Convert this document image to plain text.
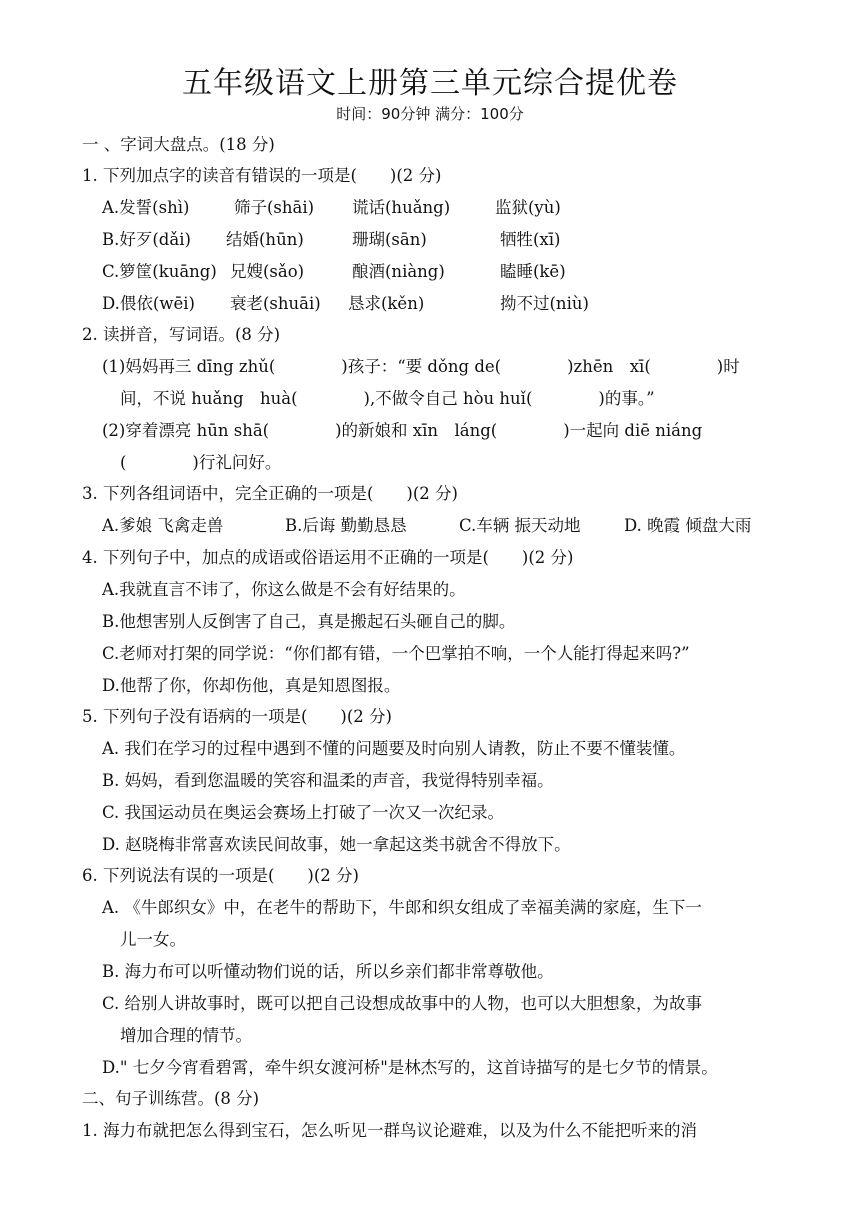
五年级语文上册第三单元综合提优卷
时间：90分钟 满分：100分
一 、字词大盘点。(18 分)
1. 下列加点字的读音有错误的一项是(　　)(2 分)
A.发誓(shì)	筛子(shāi) 谎话(huǎng)	监狱(yù)
B.好歹(dǎi) 结婚(hūn)	珊瑚(sān)	牺牲(xī)
C.箩筐(kuāng) 兄嫂(sǎo)	酿酒(niàng)	瞌睡(kē)
D.偎依(wēi) 衰老(shuāi) 恳求(kěn)	拗不过(niù)
2. 读拼音，写词语。(8 分)
(1)妈妈再三 dīng zhǔ(　　　　)孩子：“要 dǒng de(　　　　)zhēn　xī(　　　　)时
间，不说 huǎng　huà(　　　　),不做令自己 hòu huǐ(　　　　)的事。”
(2)穿着漂亮 hūn shā(　　　　)的新娘和 xīn　láng(　　　　)一起向 diē niáng
(　　　　)行礼问好。
3. 下列各组词语中，完全正确的一项是(　　)(2 分)
A.爹娘 飞禽走兽	B.后诲 勤勤恳恳	C.车辆 振天动地	D. 晚霞 倾盘大雨
4. 下列句子中，加点的成语或俗语运用不正确的一项是(　　)(2 分)
A.我就直言不讳了，你这么做是不会有好结果的。
B.他想害别人反倒害了自己，真是搬起石头砸自己的脚。
C.老师对打架的同学说：“你们都有错，一个巴掌拍不响，一个人能打得起来吗?”
D.他帮了你，你却伤他，真是知恩图报。
5. 下列句子没有语病的一项是(　　)(2 分)
A. 我们在学习的过程中遇到不懂的问题要及时向别人请教，防止不要不懂装懂。
B. 妈妈，看到您温暖的笑容和温柔的声音，我觉得特别幸福。
C. 我国运动员在奥运会赛场上打破了一次又一次纪录。
D. 赵晓梅非常喜欢读民间故事，她一拿起这类书就舍不得放下。
6. 下列说法有误的一项是(　　)(2 分)
A. 《牛郎织女》中，在老牛的帮助下，牛郎和织女组成了幸福美满的家庭，生下一
儿一女。
B. 海力布可以听懂动物们说的话，所以乡亲们都非常尊敬他。
C. 给别人讲故事时，既可以把自己设想成故事中的人物，也可以大胆想象，为故事
增加合理的情节。
D." 七夕今宵看碧霄，牵牛织女渡河桥"是林杰写的，这首诗描写的是七夕节的情景。
二、句子训练营。(8 分)
1. 海力布就把怎么得到宝石，怎么听见一群鸟议论避难，以及为什么不能把听来的消
